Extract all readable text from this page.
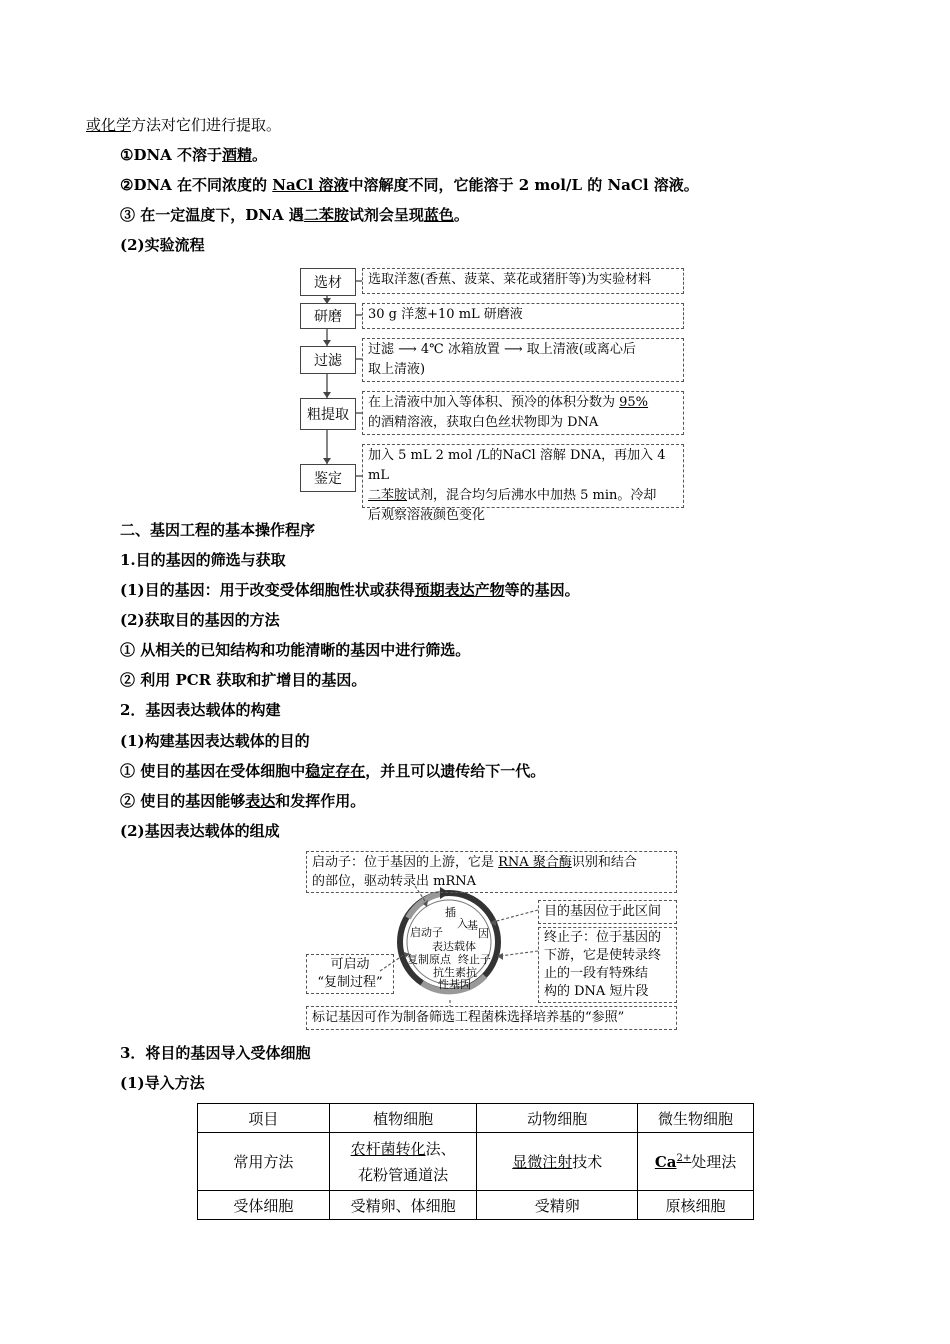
或化学方法对它们进行提取。
①DNA 不溶于酒精。
②DNA 在不同浓度的 NaCl 溶液中溶解度不同，它能溶于 2 mol/L 的 NaCl 溶液。
③ 在一定温度下，DNA 遇二苯胺试剂会呈现蓝色。
(2)实验流程
选材
研磨
过滤
粗提取
鉴定
选取洋葱(香蕉、菠菜、菜花或猪肝等)为实验材料
30 g 洋葱+10 mL 研磨液
过滤 ⟶ 4℃ 冰箱放置 ⟶ 取上清液(或离心后
取上清液)
在上清液中加入等体积、预冷的体积分数为 95%
的酒精溶液，获取白色丝状物即为 DNA
加入 5 mL 2 mol /L的NaCl 溶解 DNA，再加入 4 mL
二苯胺试剂，混合均匀后沸水中加热 5 min。冷却
后观察溶液颜色变化
二、基因工程的基本操作程序
1.目的基因的筛选与获取
(1)目的基因：用于改变受体细胞性状或获得预期表达产物等的基因。
(2)获取目的基因的方法
① 从相关的已知结构和功能清晰的基因中进行筛选。
② 利用 PCR 获取和扩增目的基因。
2．基因表达载体的构建
(1)构建基因表达载体的目的
① 使目的基因在受体细胞中稳定存在，并且可以遗传给下一代。
② 使目的基因能够表达和发挥作用。
(2)基因表达载体的组成
插
入 基
因
启动子
表达载体
复制原点 终止子
抗生素抗
性基因
启动子：位于基因的上游，它是 RNA 聚合酶识别和结合
的部位，驱动转录出 mRNA
目的基因位于此区间
终止子：位于基因的
下游，它是使转录终
止的一段有特殊结
构的 DNA 短片段
可启动
“复制过程”
标记基因可作为制备筛选工程菌株选择培养基的“参照”
3．将目的基因导入受体细胞
(1)导入方法
项目	植物细胞	动物细胞	微生物细胞
常用方法	农杆菌转化法、
花粉管通道法	显微注射技术	$Ca^{2+}$处理法
受体细胞	受精卵、体细胞	受精卵	原核细胞
